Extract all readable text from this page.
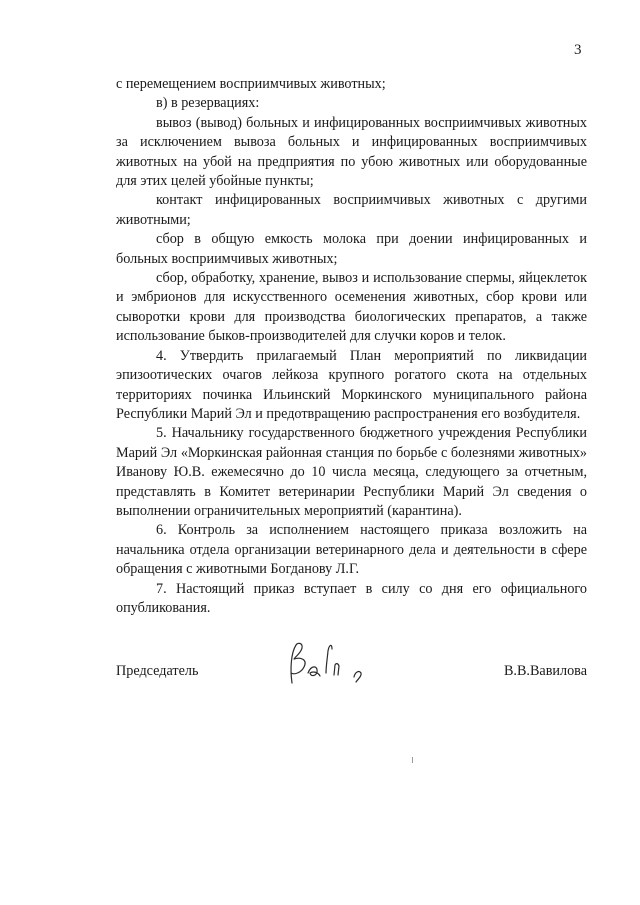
3

с перемещением восприимчивых животных;

в) в резервациях:

вывоз (вывод) больных и инфицированных восприимчивых животных за исключением вывоза больных и инфицированных восприимчивых животных на убой на предприятия по убою животных или оборудованные для этих целей убойные пункты;

контакт инфицированных восприимчивых животных с другими животными;

сбор в общую емкость молока при доении инфицированных и больных восприимчивых животных;

сбор, обработку, хранение, вывоз и использование спермы, яйцеклеток и эмбрионов для искусственного осеменения животных, сбор крови или сыворотки крови для производства биологических препаратов, а также использование быков-производителей для случки коров и телок.

4. Утвердить прилагаемый План мероприятий по ликвидации эпизоотических очагов лейкоза крупного рогатого скота на отдельных территориях починка Ильинский Моркинского муниципального района Республики Марий Эл и предотвращению распространения его возбудителя.

5. Начальнику государственного бюджетного учреждения Республики Марий Эл «Моркинская районная станция по борьбе с болезнями животных» Иванову Ю.В. ежемесячно до 10 числа месяца, следующего за отчетным, представлять в Комитет ветеринарии Республики Марий Эл сведения о выполнении ограничительных мероприятий (карантина).

6. Контроль за исполнением настоящего приказа возложить на начальника отдела организации ветеринарного дела и деятельности в сфере обращения с животными Богданову Л.Г.

7. Настоящий приказ вступает в силу со дня его официального опубликования.

Председатель	В.В.Вавилова
